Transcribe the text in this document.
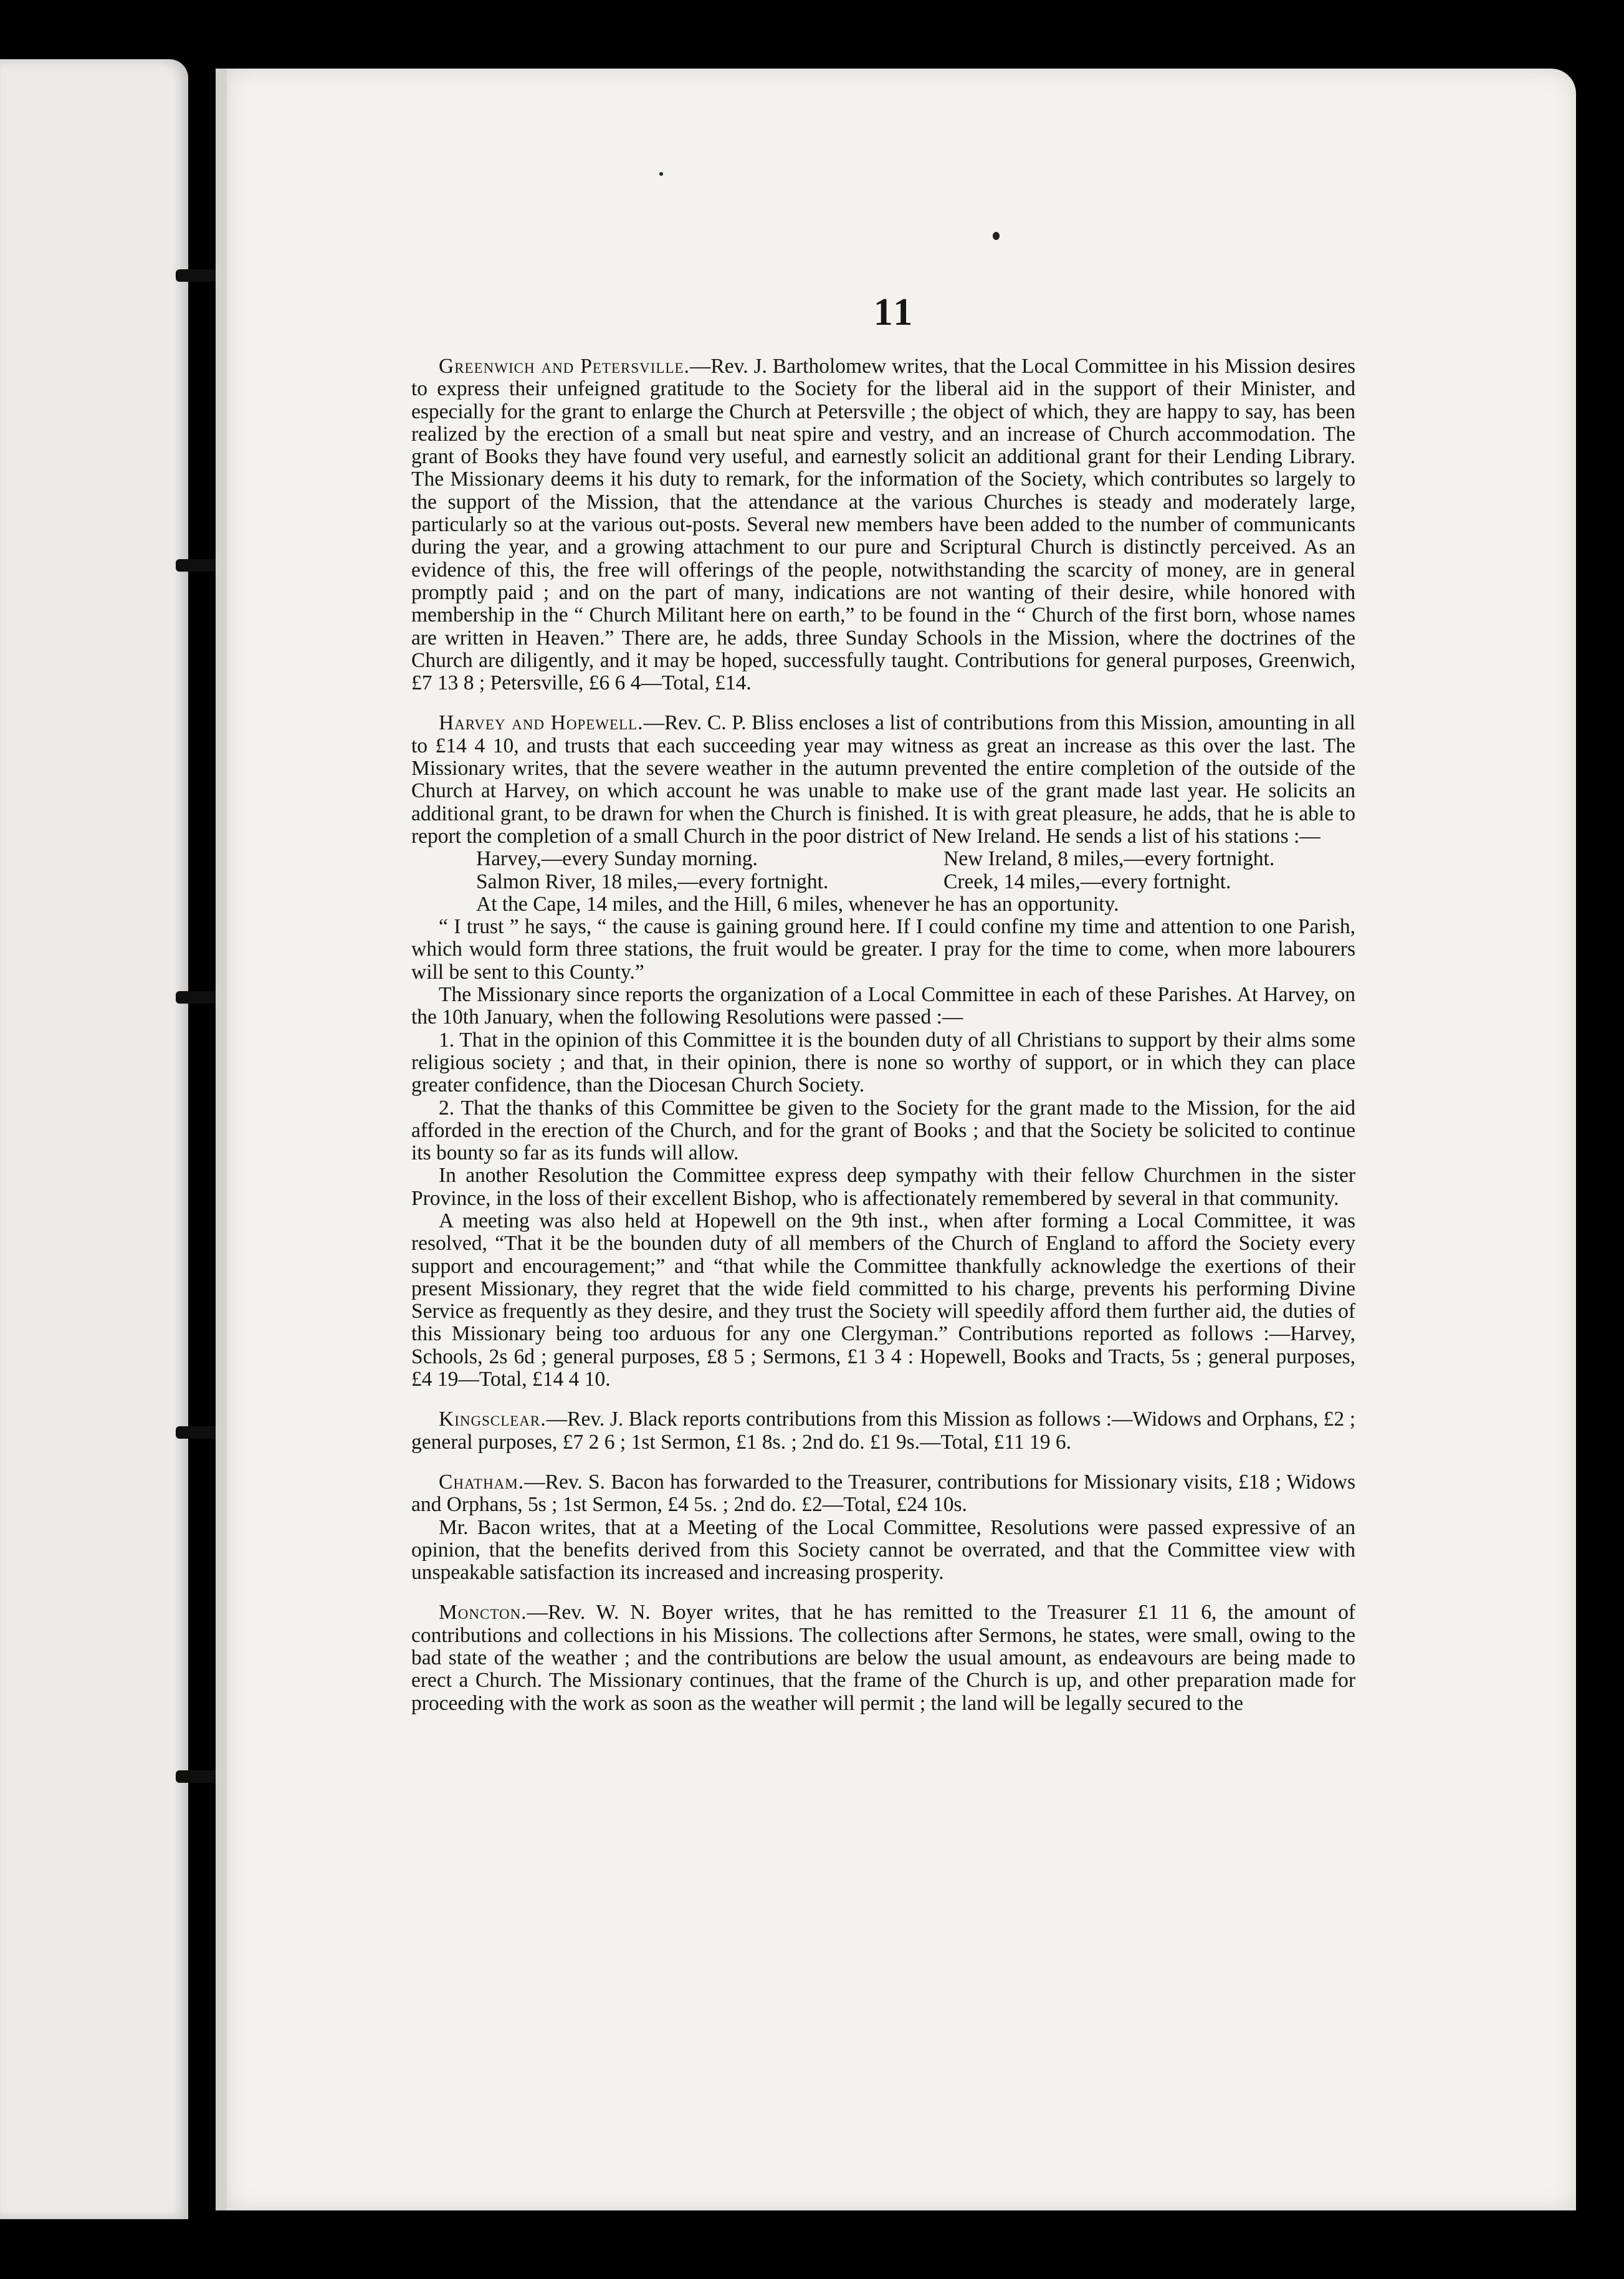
11

Greenwich and Petersville.—Rev. J. Bartholomew writes, that the Local Committee in his Mission desires to express their unfeigned gratitude to the Society for the liberal aid in the support of their Minister, and especially for the grant to enlarge the Church at Petersville ; the object of which, they are happy to say, has been realized by the erection of a small but neat spire and vestry, and an increase of Church accommodation. The grant of Books they have found very useful, and earnestly solicit an additional grant for their Lending Library. The Missionary deems it his duty to remark, for the information of the Society, which contributes so largely to the support of the Mission, that the attendance at the various Churches is steady and moderately large, particularly so at the various out-posts. Several new members have been added to the number of communicants during the year, and a growing attachment to our pure and Scriptural Church is distinctly perceived. As an evidence of this, the free will offerings of the people, notwithstanding the scarcity of money, are in general promptly paid ; and on the part of many, indications are not wanting of their desire, while honored with membership in the “ Church Militant here on earth,” to be found in the “ Church of the first born, whose names are written in Heaven.” There are, he adds, three Sunday Schools in the Mission, where the doctrines of the Church are diligently, and it may be hoped, successfully taught. Contributions for general purposes, Greenwich, £7 13 8 ; Petersville, £6 6 4—Total, £14.

Harvey and Hopewell.—Rev. C. P. Bliss encloses a list of contributions from this Mission, amounting in all to £14 4 10, and trusts that each succeeding year may witness as great an increase as this over the last. The Missionary writes, that the severe weather in the autumn prevented the entire completion of the outside of the Church at Harvey, on which account he was unable to make use of the grant made last year. He solicits an additional grant, to be drawn for when the Church is finished. It is with great pleasure, he adds, that he is able to report the completion of a small Church in the poor district of New Ireland. He sends a list of his stations :—

Harvey,—every Sunday morning.	New Ireland, 8 miles,—every fortnight.
Salmon River, 18 miles,—every fortnight.	Creek, 14 miles,—every fortnight.

At the Cape, 14 miles, and the Hill, 6 miles, whenever he has an opportunity.

“ I trust ” he says, “ the cause is gaining ground here. If I could confine my time and attention to one Parish, which would form three stations, the fruit would be greater. I pray for the time to come, when more labourers will be sent to this County.”

The Missionary since reports the organization of a Local Committee in each of these Parishes. At Harvey, on the 10th January, when the following Resolutions were passed :—

1. That in the opinion of this Committee it is the bounden duty of all Christians to support by their alms some religious society ; and that, in their opinion, there is none so worthy of support, or in which they can place greater confidence, than the Diocesan Church Society.

2. That the thanks of this Committee be given to the Society for the grant made to the Mission, for the aid afforded in the erection of the Church, and for the grant of Books ; and that the Society be solicited to continue its bounty so far as its funds will allow.

In another Resolution the Committee express deep sympathy with their fellow Churchmen in the sister Province, in the loss of their excellent Bishop, who is affectionately remembered by several in that community.

A meeting was also held at Hopewell on the 9th inst., when after forming a Local Committee, it was resolved, “That it be the bounden duty of all members of the Church of England to afford the Society every support and encouragement;” and “that while the Committee thankfully acknowledge the exertions of their present Missionary, they regret that the wide field committed to his charge, prevents his performing Divine Service as frequently as they desire, and they trust the Society will speedily afford them further aid, the duties of this Missionary being too arduous for any one Clergyman.” Contributions reported as follows :—Harvey, Schools, 2s 6d ; general purposes, £8 5 ; Sermons, £1 3 4 : Hopewell, Books and Tracts, 5s ; general purposes, £4 19—Total, £14 4 10.

Kingsclear.—Rev. J. Black reports contributions from this Mission as follows :—Widows and Orphans, £2 ; general purposes, £7 2 6 ; 1st Sermon, £1 8s. ; 2nd do. £1 9s.—Total, £11 19 6.

Chatham.—Rev. S. Bacon has forwarded to the Treasurer, contributions for Missionary visits, £18 ; Widows and Orphans, 5s ; 1st Sermon, £4 5s. ; 2nd do. £2—Total, £24 10s.

Mr. Bacon writes, that at a Meeting of the Local Committee, Resolutions were passed expressive of an opinion, that the benefits derived from this Society cannot be overrated, and that the Committee view with unspeakable satisfaction its increased and increasing prosperity.

Moncton.—Rev. W. N. Boyer writes, that he has remitted to the Treasurer £1 11 6, the amount of contributions and collections in his Missions. The collections after Sermons, he states, were small, owing to the bad state of the weather ; and the contributions are below the usual amount, as endeavours are being made to erect a Church. The Missionary continues, that the frame of the Church is up, and other preparation made for proceeding with the work as soon as the weather will permit ; the land will be legally secured to the
